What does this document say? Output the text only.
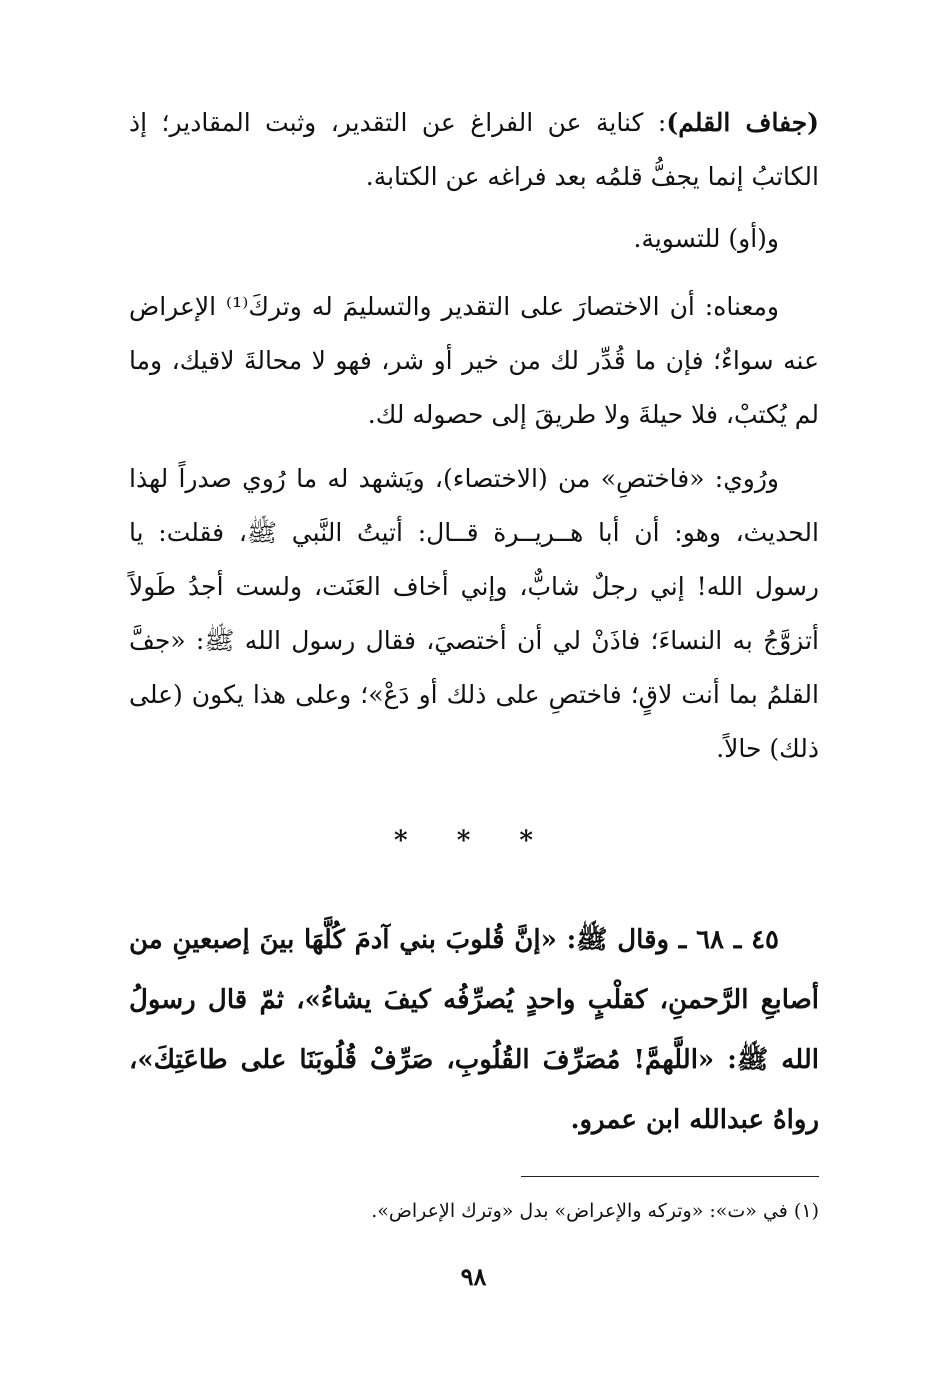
(جفاف القلم): كناية عن الفراغ عن التقدير، وثبت المقادير؛ إذ الكاتبُ إنما يجفُّ قلمُه بعد فراغه عن الكتابة.
و(أو) للتسوية.
ومعناه: أن الاختصارَ على التقدير والتسليمَ له وتركَ⁽¹⁾ الإعراض عنه سواءٌ؛ فإن ما قُدِّر لك من خير أو شر، فهو لا محالةَ لاقيك، وما لم يُكتبْ، فلا حيلةَ ولا طريقَ إلى حصوله لك.
ورُوي: «فاختصِ» من (الاختصاء)، ويَشهد له ما رُوي صدراً لهذا الحديث، وهو: أن أبا هــريــرة قــال: أتيتُ النَّبي ﷺ، فقلت: يا رسول الله! إني رجلٌ شابٌّ، وإني أخاف العَنَت، ولست أجدُ طَولاً أتزوَّجُ به النساءَ؛ فاذَنْ لي أن أختصيَ، فقال رسول الله ﷺ: «جفَّ القلمُ بما أنت لاقٍ؛ فاختصِ على ذلك أو دَعْ»؛ وعلى هذا يكون (على ذلك) حالاً.
* * *
٤٥ ـ ٦٨ ـ وقال ﷺ: «إنَّ قُلوبَ بني آدمَ كُلَّهَا بينَ إصبعينِ من أصابعِ الرَّحمنِ، كقلْبٍ واحدٍ يُصرِّفُه كيفَ يشاءُ»، ثمّ قال رسولُ الله ﷺ: «اللَّهمَّ! مُصَرِّفَ القُلُوبِ، صَرِّفْ قُلُوبَنَا على طاعَتِكَ»، رواهُ عبدالله ابن عمرو.
(١) في «ت»: «وتركه والإعراض» بدل «وترك الإعراض».
٩٨
